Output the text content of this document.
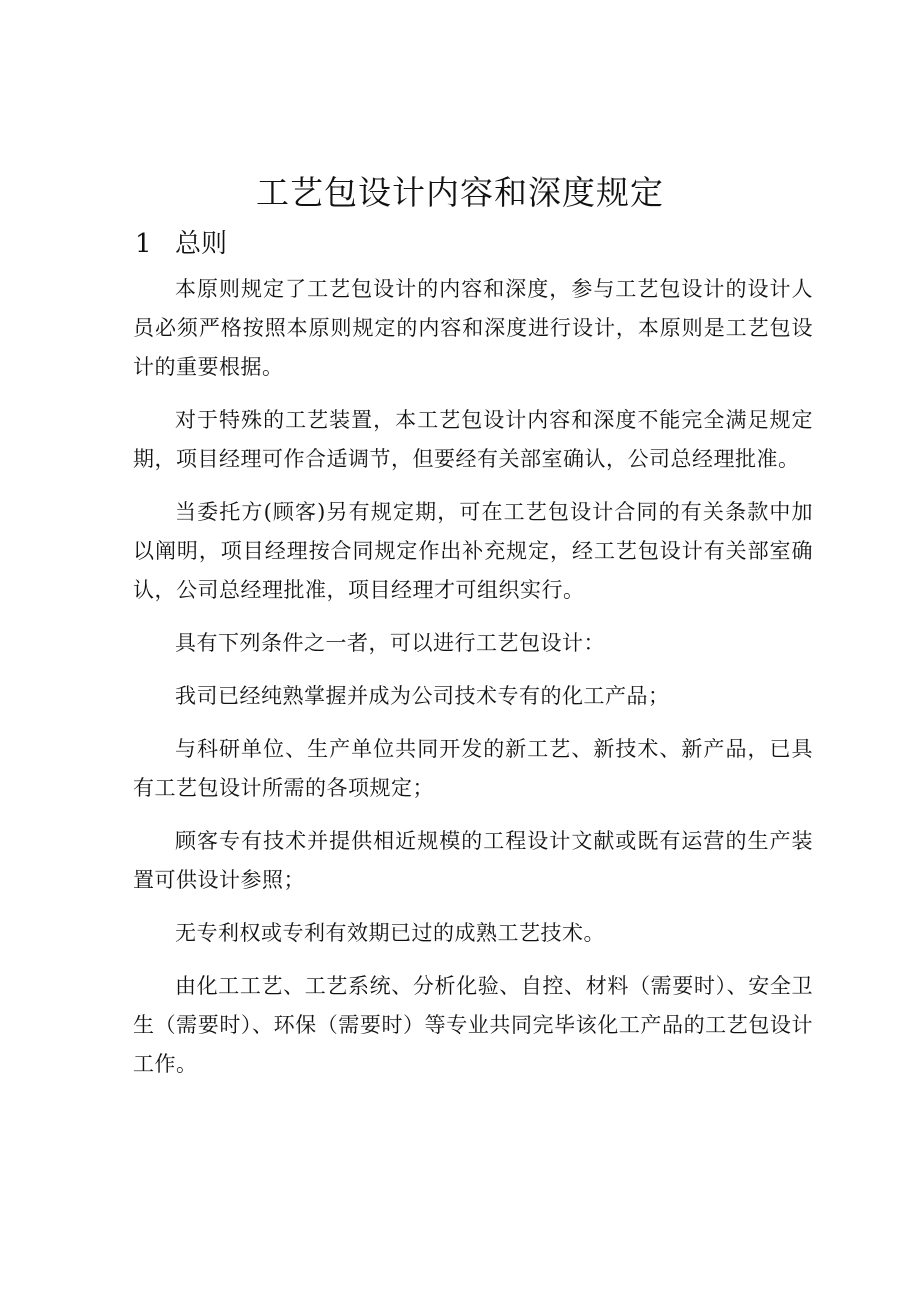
工艺包设计内容和深度规定
1 总则

本原则规定了工艺包设计的内容和深度，参与工艺包设计的设计人员必须严格按照本原则规定的内容和深度进行设计，本原则是工艺包设计的重要根据。

对于特殊的工艺装置，本工艺包设计内容和深度不能完全满足规定期，项目经理可作合适调节，但要经有关部室确认，公司总经理批准。

当委托方(顾客)另有规定期，可在工艺包设计合同的有关条款中加以阐明，项目经理按合同规定作出补充规定，经工艺包设计有关部室确认，公司总经理批准，项目经理才可组织实行。

具有下列条件之一者，可以进行工艺包设计：

我司已经纯熟掌握并成为公司技术专有的化工产品；

与科研单位、生产单位共同开发的新工艺、新技术、新产品，已具有工艺包设计所需的各项规定；

顾客专有技术并提供相近规模的工程设计文献或既有运营的生产装置可供设计参照；

无专利权或专利有效期已过的成熟工艺技术。

由化工工艺、工艺系统、分析化验、自控、材料（需要时）、安全卫生（需要时）、环保（需要时）等专业共同完毕该化工产品的工艺包设计工作。
